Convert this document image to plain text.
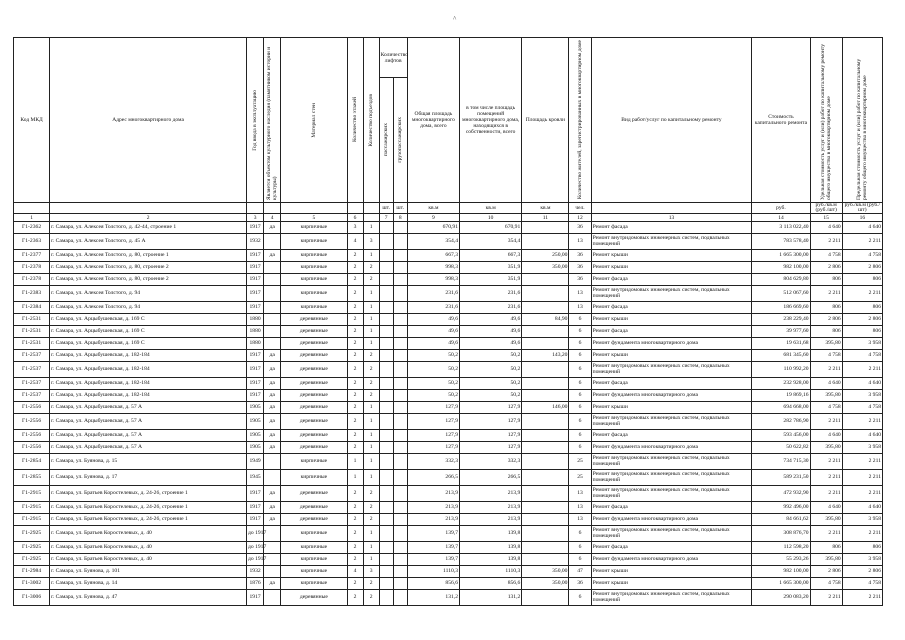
^
Код МКД	Адрес многоквартирного дома	Год ввода в эксплуатацию	Является объектом культурного наследия (памятником истории и культуры)	Материал стен	Количество этажей	Количество подъездов	Количество лифтов		Общая площадь многоквартирного дома, всего	в том числе площадь помещений многоквартирного дома, находящихся в собственности, всего	Площадь кровли	Количество жителей, зарегистрированных в многоквартирном доме	Вид работ/услуг по капитальному ремонту	Стоимость капитального ремонта	Удельная стоимость услуг и (или) работ по капитальному ремонту общего имущества в многоквартирном доме	Предельная стоимость услуг и (или) работ по капитальному ремонту общего имущества в многоквартирном доме

							пассажирских	грузопассажирских								

							шт.	шт.	кв.м	кв.м	кв.м	чел.		руб.	руб./кв.м (руб./шт)	руб./кв.м (руб./шт)
1	2	3	4	5	6		7	8	9	10	11	12	13	14	15	16
Г1-2362	г. Самара, ул. Алексея Толстого, д. 42-44, строение 1	1917	да	кирпичные	3	1			670,91	670,91		36	Ремонт фасада	3 113 022,40	4 640	4 640
Г1-2363	г. Самара, ул. Алексея Толстого, д. 45 А	1932		кирпичные	4	3			354,4	354,4		13	Ремонт внутридомовых инженерных систем, подвальных помещений	783 578,40	2 211	2 211
Г1-2377	г. Самара, ул. Алексея Толстого, д. 80, строение 1	1917	да	кирпичные	2	1			667,3	667,3	250,00	36	Ремонт крыши	1 665 300,00	4 758	4 758
Г1-2378	г. Самара, ул. Алексея Толстого, д. 80, строение 2	1917		кирпичные	2	2			998,3	351,9	350,00	36	Ремонт крыши	982 100,00	2 806	2 806
Г1-2378	г. Самара, ул. Алексея Толстого, д. 80, строение 2	1917		кирпичные	2	2			998,3	351,9		36	Ремонт фасада	804 629,80	806	806
Г1-2383	г. Самара, ул. Алексея Толстого, д. 94	1917		кирпичные	2	1			231,6	231,6		13	Ремонт внутридомовых инженерных систем, подвальных помещений	512 067,60	2 211	2 211
Г1-2384	г. Самара, ул. Алексея Толстого, д. 94	1917		кирпичные	2	1			231,6	231,6		13	Ремонт фасада	186 669,60	806	806
Г1-2531	г. Самара, ул. Арцыбушевская, д. 169 С	1880		деревянные	2	1			49,6	49,6	84,90	6	Ремонт крыши	238 229,40	2 806	2 806
Г1-2531	г. Самара, ул. Арцыбушевская, д. 169 С	1880		деревянные	2	1			49,6	49,6		6	Ремонт фасада	39 977,60	806	806
Г1-2531	г. Самара, ул. Арцыбушевская, д. 169 С	1880		деревянные	2	1			49,6	49,6		6	Ремонт фундамента многоквартирного дома	19 631,68	395,80	3 958
Г1-2537	г. Самара, ул. Арцыбушевская, д. 182-184	1917	да	деревянные	2	2			50,2	50,2	143,20	6	Ремонт крыши	681 345,60	4 758	4 758
Г1-2537	г. Самара, ул. Арцыбушевская, д. 182-184	1917	да	деревянные	2	2			50,2	50,2		6	Ремонт внутридомовых инженерных систем, подвальных помещений	110 992,20	2 211	2 211
Г1-2537	г. Самара, ул. Арцыбушевская, д. 182-184	1917	да	деревянные	2	2			50,2	50,2		6	Ремонт фасада	232 928,00	4 640	4 640
Г1-2537	г. Самара, ул. Арцыбушевская, д. 182-184	1917	да	деревянные	2	2			50,2	50,2		6	Ремонт фундамента многоквартирного дома	19 869,16	395,80	3 958
Г1-2556	г. Самара, ул. Арцыбушевская, д. 57 А	1905	да	деревянные	2	1			127,9	127,9	146,00	6	Ремонт крыши	694 668,00	4 758	4 758
Г1-2556	г. Самара, ул. Арцыбушевская, д. 57 А	1905	да	деревянные	2	1			127,9	127,9		6	Ремонт внутридомовых инженерных систем, подвальных помещений	282 786,90	2 211	2 211
Г1-2556	г. Самара, ул. Арцыбушевская, д. 57 А	1905	да	деревянные	2	1			127,9	127,9		6	Ремонт фасада	593 456,00	4 640	4 640
Г1-2556	г. Самара, ул. Арцыбушевская, д. 57 А	1905	да	деревянные	2	1			127,9	127,9		6	Ремонт фундамента многоквартирного дома	50 622,82	395,80	3 958
Г1-2854	г. Самара, ул. Буянова, д. 15	1949		кирпичные	1	1			332,3	332,3		25	Ремонт внутридомовых инженерных систем, подвальных помещений	734 715,30	2 211	2 211
Г1-2855	г. Самара, ул. Буянова, д. 17	1945		кирпичные	1	1			266,5	266,5		25	Ремонт внутридомовых инженерных систем, подвальных помещений	589 231,50	2 211	2 211
Г1-2915	г. Самара, ул. Братьев Коростелевых, д. 24-26, строение 1	1917	да	деревянные	2	2			213,9	213,9		13	Ремонт внутридомовых инженерных систем, подвальных помещений	472 932,90	2 211	2 211
Г1-2915	г. Самара, ул. Братьев Коростелевых, д. 24-26, строение 1	1917	да	деревянные	2	2			213,9	213,9		13	Ремонт фасада	992 496,00	4 640	4 640
Г1-2915	г. Самара, ул. Братьев Коростелевых, д. 24-26, строение 1	1917	да	деревянные	2	2			213,9	213,9		13	Ремонт фундамента многоквартирного дома	84 661,62	395,80	3 958
Г1-2925	г. Самара, ул. Братьев Коростелевых, д. 40	до 1917		кирпичные	2	1			139,7	139,8		6	Ремонт внутридомовых инженерных систем, подвальных помещений	308 876,70	2 211	2 211
Г1-2925	г. Самара, ул. Братьев Коростелевых, д. 40	до 1917		кирпичные	2	1			139,7	139,8		6	Ремонт фасада	112 598,20	806	806
Г1-2925	г. Самара, ул. Братьев Коростелевых, д. 40	до 1917		кирпичные	2	1			139,7	139,8		6	Ремонт фундамента многоквартирного дома	55 293,26	395,80	3 958
Г1-2984	г. Самара, ул. Буянова, д. 101	1932		кирпичные	4	3			1110,3	1110,3	350,00	47	Ремонт крыши	982 100,00	2 806	2 806
Г1-3002	г. Самара, ул. Буянова, д. 14	1876	да	кирпичные	2	2			856,6	856,6	350,00	36	Ремонт крыши	1 665 300,00	4 758	4 758
Г1-3006	г. Самара, ул. Буянова, д. 47	1917		деревянные	2	2			131,2	131,2		6	Ремонт внутридомовых инженерных систем, подвальных помещений	290 083,20	2 211	2 211
